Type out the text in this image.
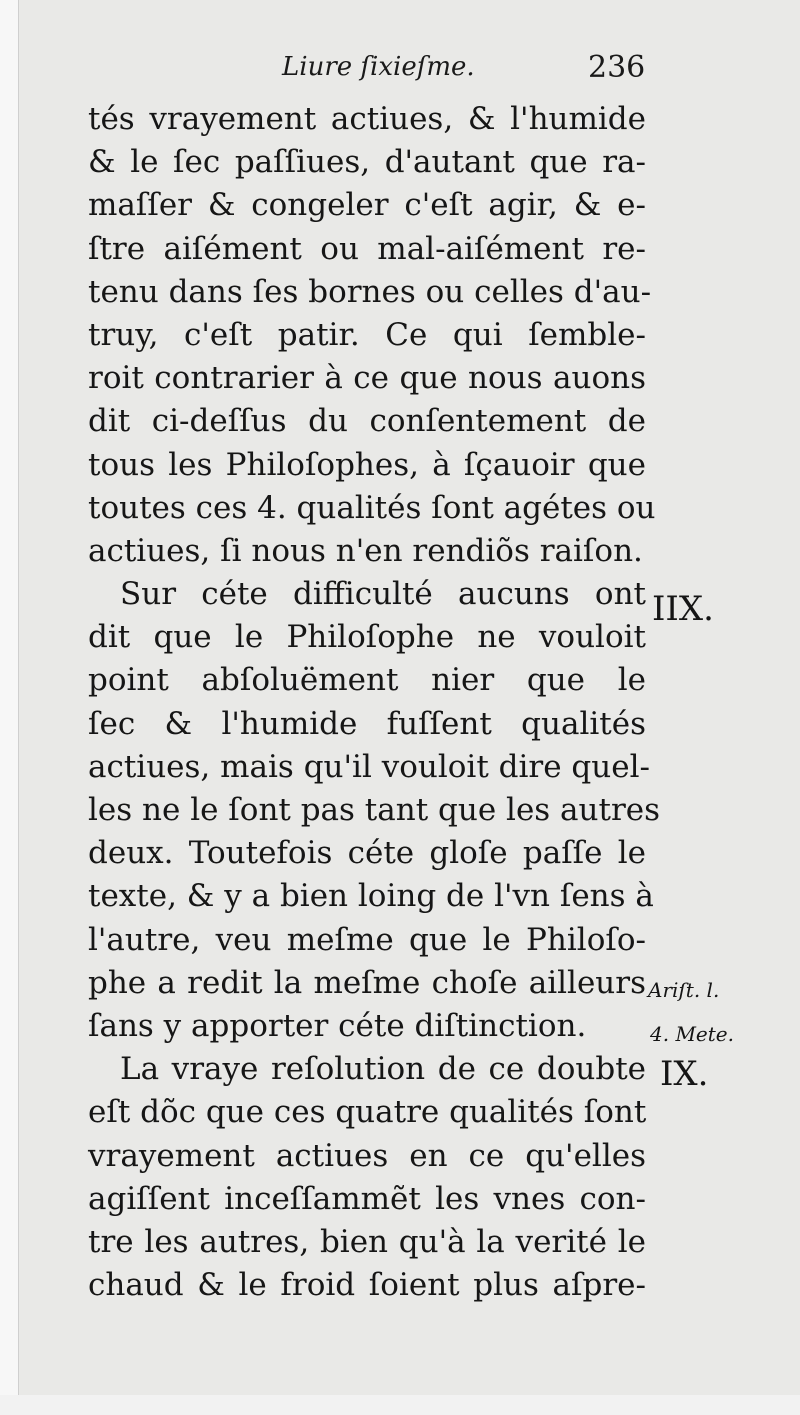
Liure ſixieſme.	236
tés vrayement actiues, & l'humide
& le ſec paſſiues, d'autant que ra-
maſſer & congeler c'eſt agir, & e-
ſtre aiſément ou mal-aiſément re-
tenu dans ſes bornes ou celles d'au-
truy, c'eſt patir. Ce qui ſemble-
roit contrarier à ce que nous auons
dit ci-deſſus du conſentement de
tous les Philoſophes, à ſçauoir que
toutes ces 4. qualités ſont agétes ou
actiues, ſi nous n'en rendiõs raiſon.
Sur céte difficulté aucuns ont
dit que le Philoſophe ne vouloit
point abſoluëment nier que le
ſec & l'humide fuſſent qualités
actiues, mais qu'il vouloit dire quel-
les ne le ſont pas tant que les autres
deux. Toutefois céte gloſe paſſe le
texte, & y a bien loing de l'vn ſens à
l'autre, veu meſme que le Philoſo-
phe a redit la meſme choſe ailleurs
ſans y apporter céte diſtinction.
La vraye reſolution de ce doubte
eſt dõc que ces quatre qualités ſont
vrayement actiues en ce qu'elles
agiſſent inceſſammẽt les vnes con-
tre les autres, bien qu'à la verité le
chaud & le froid ſoient plus aſpre-
IIX.
Ariſt. l.
4. Mete.
IX.
